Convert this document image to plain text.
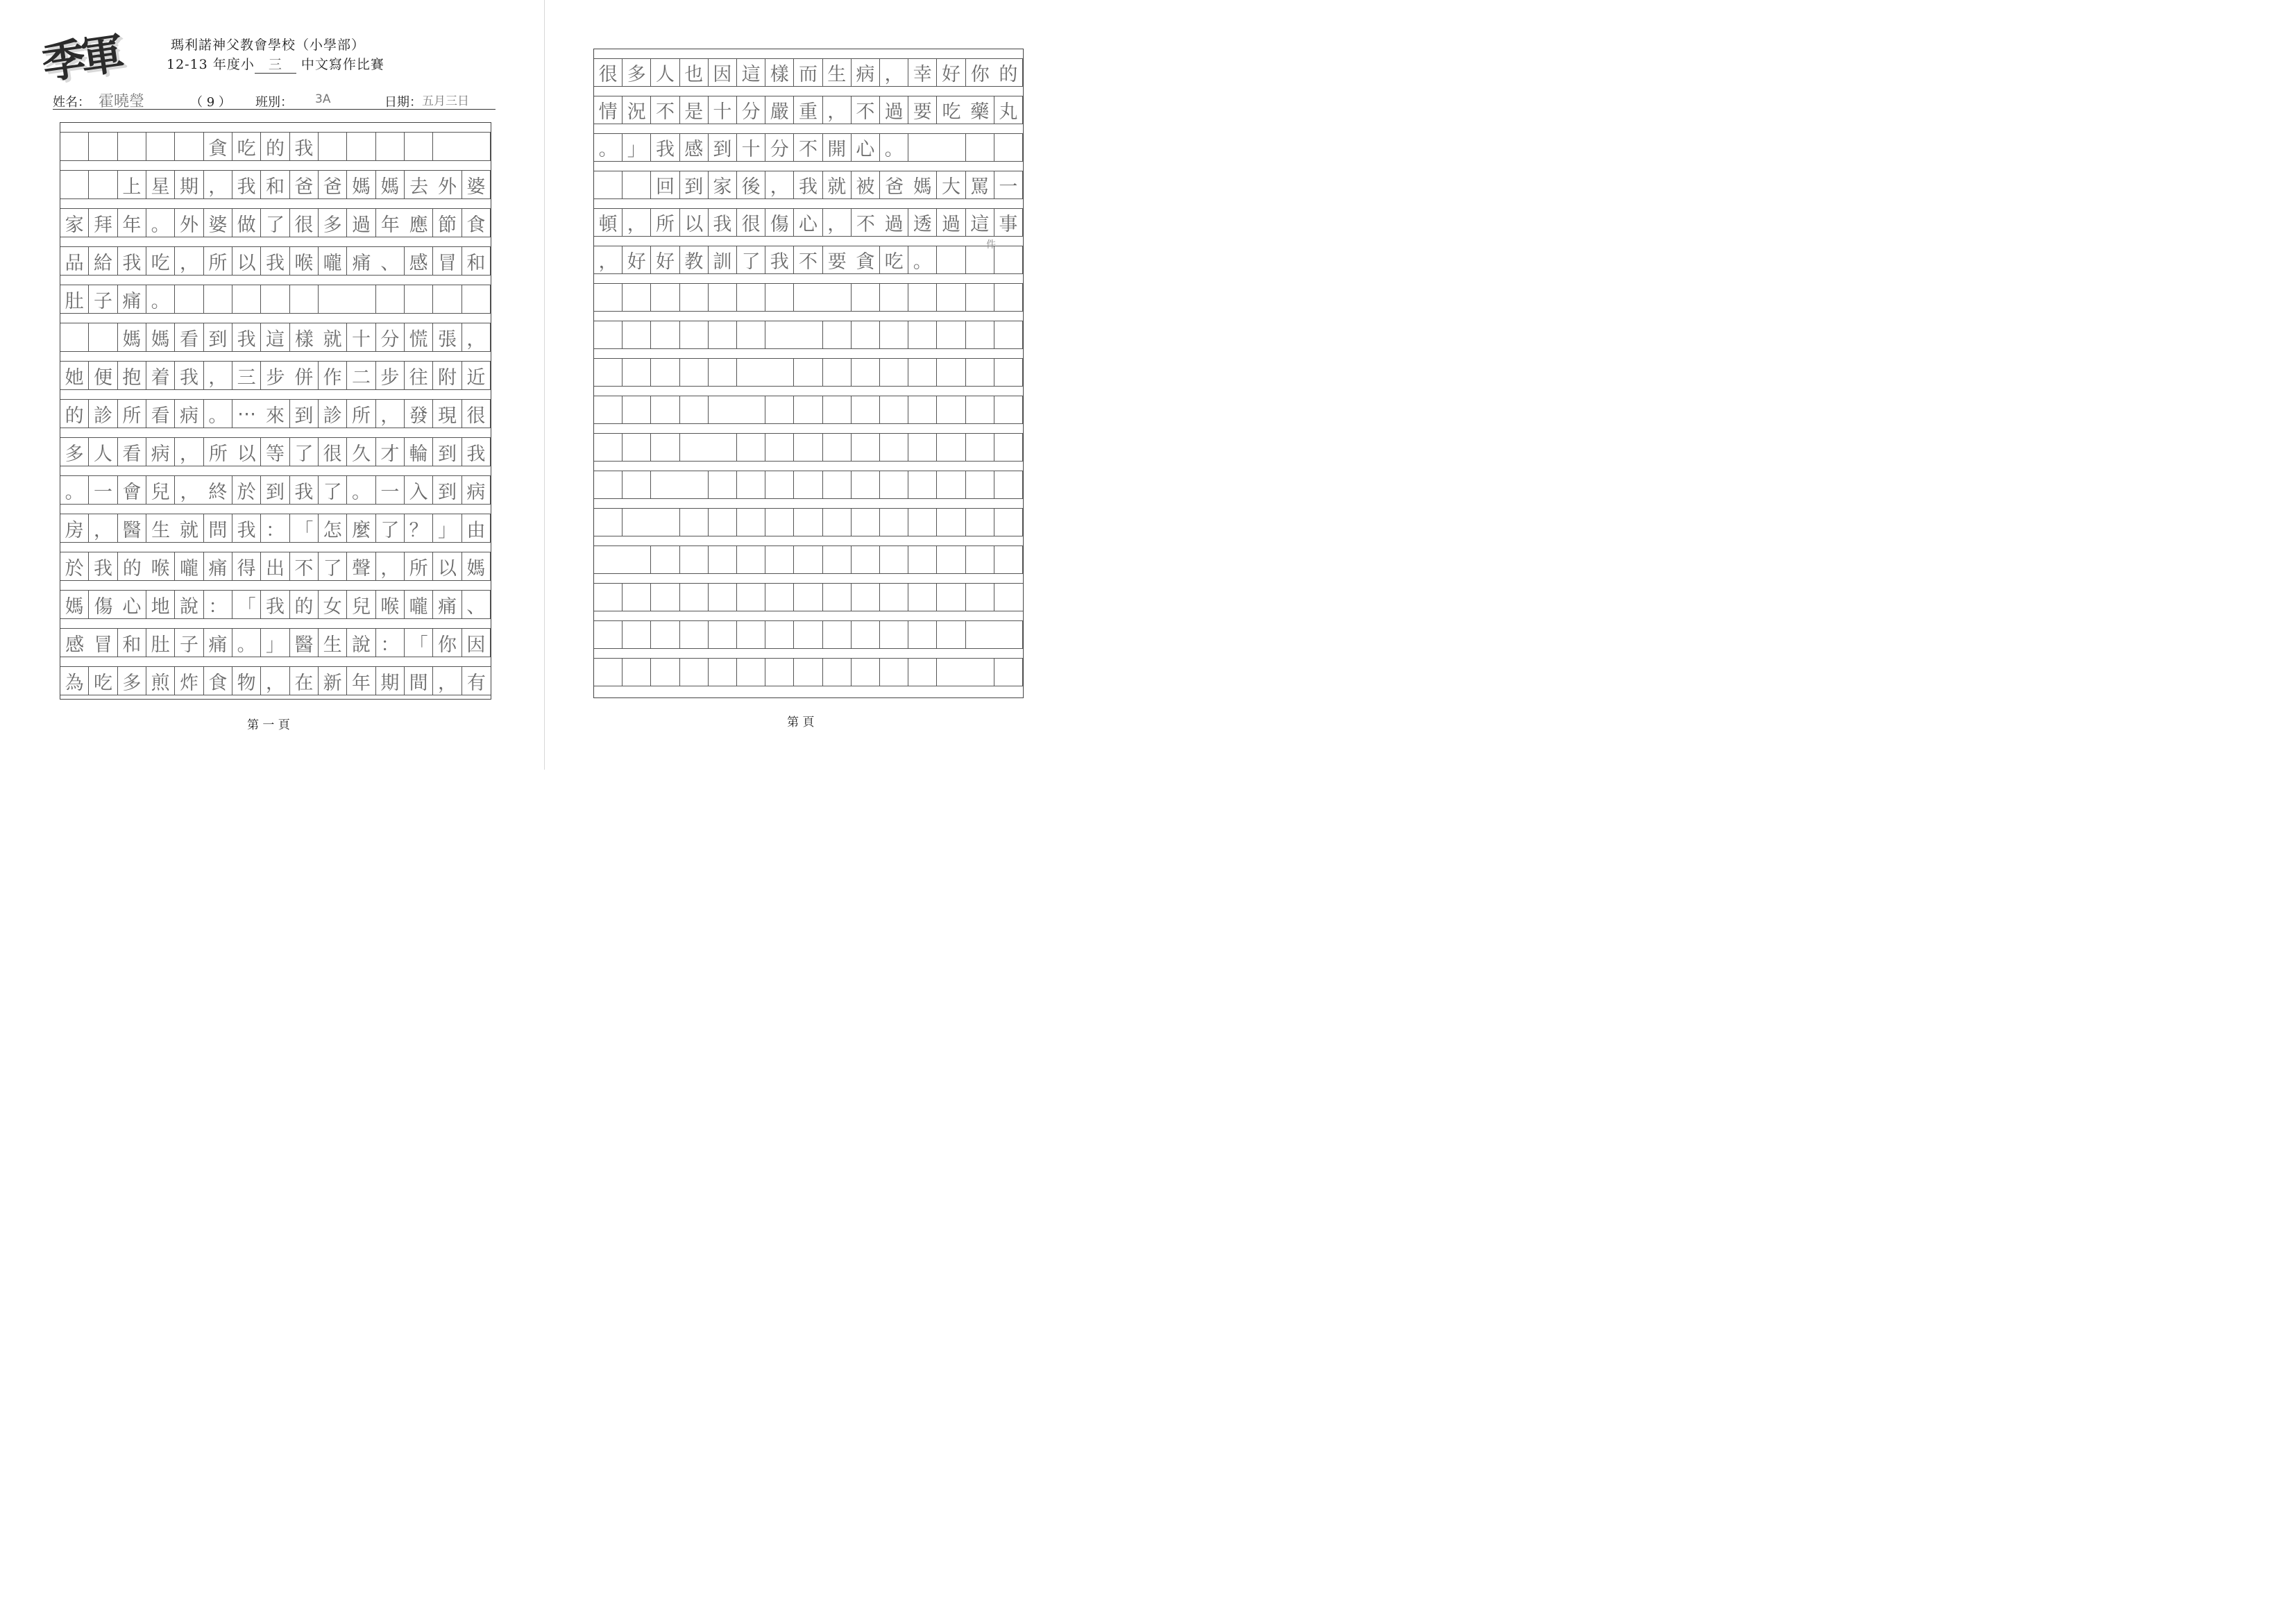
季軍	瑪利諾神父教會學校（小學部）
12-13 年度小 三 中文寫作比賽
姓名： 霍曉瑩	（ 9 ） 班別： 3A	日期： 五月三日
貪 吃 的 我
上 星 期 ， 我 和 爸 爸 媽 媽 去 外 婆
家 拜 年 。 外 婆 做 了 很 多 過 年 應 節 食
品 給 我 吃 ， 所 以 我 喉 嚨 痛 、 感 冒 和
肚 子 痛 。
媽 媽 看 到 我 這 樣 就 十 分 慌 張 ，
她 便 抱 着 我 ， 三 步 併 作 二 步 往 附 近
的 診 所 看 病 。 ⋯ 來 到 診 所 ， 發 現 很
多 人 看 病 ， 所 以 等 了 很 久 才 輪 到 我
。 一 會 兒 ， 終 於 到 我 了 。 一 入 到 病
房 ， 醫 生 就 問 我 ： 「 怎 麼 了 ？ 」 由
於 我 的 喉 嚨 痛 得 出 不 了 聲 ， 所 以 媽
媽 傷 心 地 說 ： 「 我 的 女 兒 喉 嚨 痛 、
感 冒 和 肚 子 痛 。 」 醫 生 說 ： 「 你 因
為 吃 多 煎 炸 食 物 ， 在 新 年 期 間 ， 有
第 一 頁
很 多 人 也 因 這 樣 而 生 病 ， 幸 好 你 的
情 況 不 是 十 分 嚴 重 ， 不 過 要 吃 藥 丸
。 」 我 感 到 十 分 不 開 心 。
回 到 家 後 ， 我 就 被 爸 媽 大 罵 一
頓 ， 所 以 我 很 傷 心 ， 不 過 透 過 這 事
， 好 好 教 訓 了 我 不 要 貪 吃 。
第 頁
件
